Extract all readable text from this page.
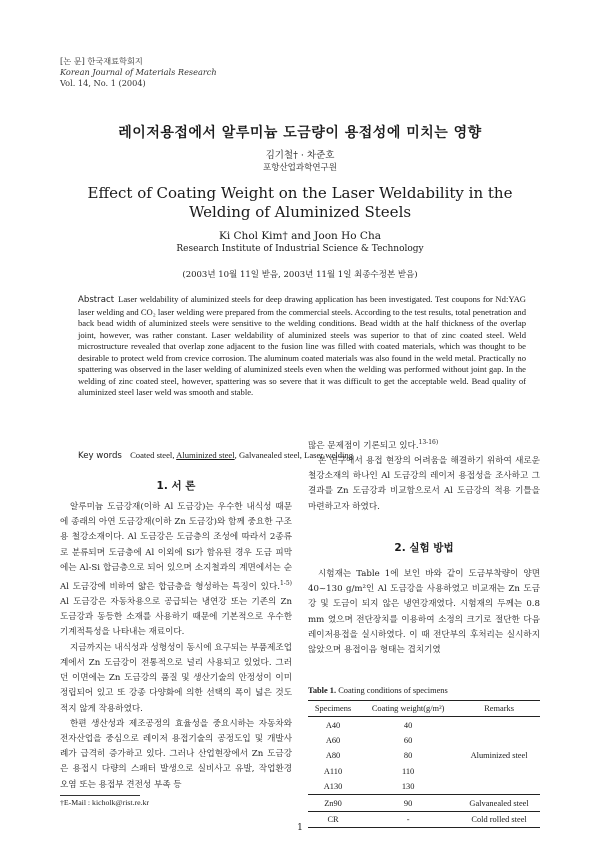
[논 문] 한국재료학회지
Korean Journal of Materials Research
Vol. 14, No. 1 (2004)
레이저용접에서 알루미늄 도금량이 용접성에 미치는 영향
김기철† · 차준호
포항산업과학연구원
Effect of Coating Weight on the Laser Weldability in the Welding of Aluminized Steels
Ki Chol Kim† and Joon Ho Cha
Research Institute of Industrial Science & Technology
(2003년 10월 11일 받음, 2003년 11월 1일 최종수정본 받음)
Abstract Laser weldability of aluminized steels for deep drawing application has been investigated. Test coupons for Nd:YAG laser welding and CO₂ laser welding were prepared from the commercial steels. According to the test results, total penetration and back bead width of aluminized steels were sensitive to the welding conditions. Bead width at the half thickness of the overlap joint, however, was rather constant. Laser weldability of aluminized steels was superior to that of zinc coated steel. Weld microstructure revealed that overlap zone adjacent to the fusion line was filled with coated materials, which was thought to be desirable to protect weld from crevice corrosion. The aluminum coated materials was also found in the weld metal. Practically no spattering was observed in the laser welding of aluminized steels even when the welding was performed without joint gap. In the welding of zinc coated steel, however, spattering was so severe that it was difficult to get the acceptable weld. Bead quality of aluminized steel laser weld was smooth and stable.
Key words Coated steel, Aluminized steel, Galvanealed steel, Laser welding
1. 서 론

알루미늄 도금강재(이하 Al 도금강)는 우수한 내식성 때문에 종래의 아연 도금강재(이하 Zn 도금강)와 함께 중요한 구조용 철강소재이다. Al 도금강은 도금층의 조성에 따라서 2종류로 분류되며 도금층에 Al 이외에 Si가 함유된 경우 도금 피막에는 Al-Si 합금층으로 되어 있으며 소지철과의 계면에서는 순 Al 도금강에 비하여 얇은 합금층을 형성하는 특징이 있다.$^{1-5)}$ Al 도금강은 자동차용으로 공급되는 냉연강 또는 기존의 Zn 도금강과 동등한 소재를 사용하기 때문에 기본적으로 우수한 기계적특성을 나타내는 재료이다.

지금까지는 내식성과 성형성이 동시에 요구되는 부품제조업계에서 Zn 도금강이 전통적으로 널리 사용되고 있었다. 그러던 이면에는 Zn 도금강의 품질 및 생산기술의 안정성이 이미 정립되어 있고 또 강종 다양화에 의한 선택의 폭이 넓은 것도 적지 않게 작용하였다.

한편 생산성과 제조공정의 효율성을 중요시하는 자동차와 전자산업을 중심으로 레이저 용접기술의 공정도입 및 개발사례가 급격히 증가하고 있다. 그러나 산업현장에서 Zn 도금강은 용접시 다량의 스패터 발생으로 실비사고 유발, 작업환경 오염 또는 용접부 견전성 부족 등

많은 문제점이 기론되고 있다.$^{13-16)}$

본 연구에서 용접 현장의 어려움을 해결하기 위하여 새로운 철강소재의 하나인 Al 도금강의 레이저 용접성을 조사하고 그 결과를 Zn 도금강과 비교함으로서 Al 도금강의 적용 기틀을 마련하고자 하였다.

2. 실험 방법

시험재는 Table 1에 보인 바와 같이 도금부착량이 양면 40~130 g/m²인 Al 도금강을 사용하였고 비교재는 Zn 도금강 및 도금이 되지 않은 냉연강재였다. 시험재의 두께는 0.8 mm 였으며 전단장치를 이용하여 소정의 크기로 절단한 다음 레이저용접을 실시하였다. 이 때 전단부의 후처리는 실시하지 않았으며 용접이음 형태는 겹치기였

Table 1. Coating conditions of specimens
Specimens	Coating weight(g/m²)	Remarks
A40	40	
A60	60	
A80	80	Aluminized steel
A110	110	
A130	130	
Zn90	90	Galvanealed steel
CR	-	Cold rolled steel
†E-Mail : kicholk@rist.re.kr
1
